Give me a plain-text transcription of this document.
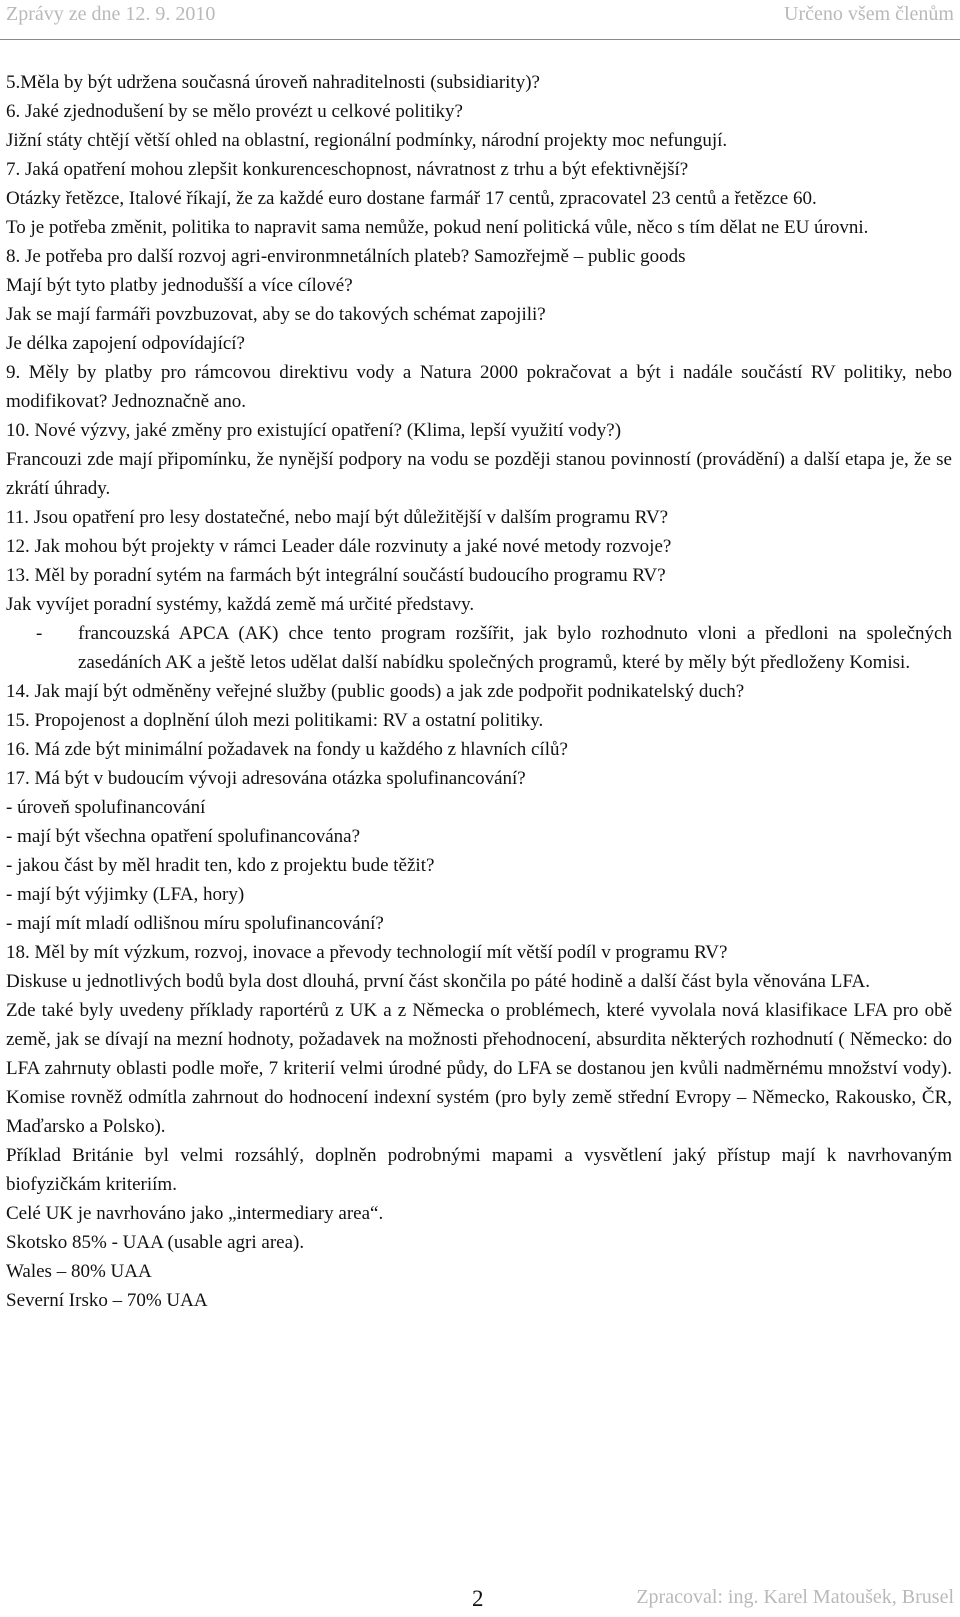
Zprávy ze dne 12. 9. 2010	Určeno všem členům

5.Měla by být udržena současná úroveň nahraditelnosti (subsidiarity)?

6. Jaké zjednodušení by se mělo provézt u celkové politiky?

Jižní státy chtějí větší ohled na oblastní, regionální podmínky, národní projekty moc nefungují.

7. Jaká opatření mohou zlepšit konkurenceschopnost, návratnost z trhu a být efektivnější?

Otázky řetězce, Italové říkají, že za každé euro dostane farmář 17 centů, zpracovatel 23 centů a řetězce 60.

To je potřeba změnit, politika to napravit sama nemůže, pokud není politická vůle, něco s tím dělat ne EU úrovni.

8. Je potřeba pro další rozvoj agri-environmnetálních plateb? Samozřejmě – public goods

Mají být tyto platby jednodušší a více cílové?

Jak se mají farmáři povzbuzovat, aby se do takových schémat zapojili?

Je délka zapojení odpovídající?

9. Měly by platby pro rámcovou direktivu vody a Natura 2000 pokračovat a být i nadále součástí RV politiky, nebo modifikovat? Jednoznačně ano.

10. Nové výzvy, jaké změny pro existující opatření? (Klima, lepší využití vody?)

Francouzi zde mají připomínku, že nynější podpory na vodu se později stanou povinností (provádění) a další etapa je, že se zkrátí úhrady.

11. Jsou opatření pro lesy dostatečné, nebo mají být důležitější v dalším programu RV?

12. Jak mohou být projekty v rámci Leader dále rozvinuty a jaké nové metody rozvoje?

13. Měl by poradní sytém na farmách být integrální součástí budoucího programu RV?

Jak vyvíjet poradní systémy, každá země má určité představy.

-	francouzská APCA (AK) chce tento program rozšířit, jak bylo rozhodnuto vloni a předloni na společných zasedáních AK a ještě letos udělat další nabídku společných programů, které by měly být předloženy Komisi.

14. Jak mají být odměněny veřejné služby (public goods) a jak zde podpořit podnikatelský duch?

15. Propojenost a doplnění úloh mezi politikami: RV a ostatní politiky.

16. Má zde být minimální požadavek na fondy u každého z hlavních cílů?

17. Má být v budoucím vývoji adresována otázka spolufinancování?

- úroveň spolufinancování

- mají být všechna opatření spolufinancována?

- jakou část by měl hradit ten, kdo z projektu bude těžit?

- mají být výjimky (LFA, hory)

- mají mít mladí odlišnou míru spolufinancování?

18. Měl by mít výzkum, rozvoj, inovace a převody technologií mít větší podíl v programu RV?

Diskuse u jednotlivých bodů byla dost dlouhá, první část skončila po páté hodině a další část byla věnována LFA.

Zde také byly uvedeny příklady raportérů z UK a z Německa o problémech, které vyvolala nová klasifikace LFA pro obě země, jak se dívají na mezní hodnoty, požadavek na možnosti přehodnocení, absurdita některých rozhodnutí ( Německo: do LFA zahrnuty oblasti podle moře, 7 kriterií velmi úrodné půdy, do LFA se dostanou jen kvůli nadměrnému množství vody). Komise rovněž odmítla zahrnout do hodnocení indexní systém (pro byly země střední Evropy – Německo, Rakousko, ČR, Maďarsko a Polsko).

Příklad Británie byl velmi rozsáhlý, doplněn podrobnými mapami a vysvětlení jaký přístup mají k navrhovaným biofyzičkám kriteriím.

Celé UK je navrhováno jako „intermediary area“.

Skotsko 85% - UAA (usable agri area).

Wales – 80% UAA

Severní Irsko – 70% UAA

2	Zpracoval: ing. Karel Matoušek, Brusel
